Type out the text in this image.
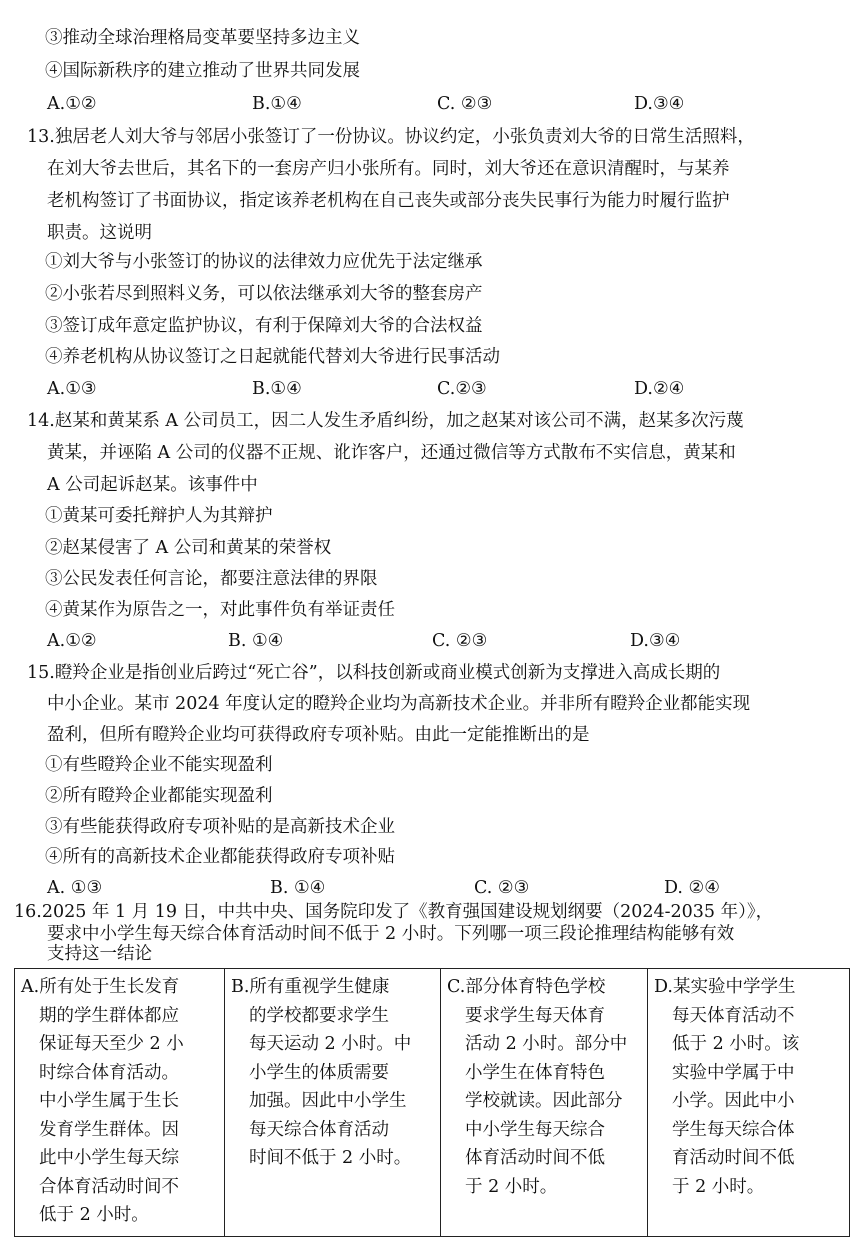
③推动全球治理格局变革要坚持多边主义
④国际新秩序的建立推动了世界共同发展
A.①②	B.①④	C. ②③	D.③④
13.独居老人刘大爷与邻居小张签订了一份协议。协议约定，小张负责刘大爷的日常生活照料，
在刘大爷去世后，其名下的一套房产归小张所有。同时，刘大爷还在意识清醒时，与某养
老机构签订了书面协议，指定该养老机构在自己丧失或部分丧失民事行为能力时履行监护
职责。这说明
①刘大爷与小张签订的协议的法律效力应优先于法定继承
②小张若尽到照料义务，可以依法继承刘大爷的整套房产
③签订成年意定监护协议，有利于保障刘大爷的合法权益
④养老机构从协议签订之日起就能代替刘大爷进行民事活动
A.①③	B.①④	C.②③	D.②④
14.赵某和黄某系 A 公司员工，因二人发生矛盾纠纷，加之赵某对该公司不满，赵某多次污蔑
黄某，并诬陷 A 公司的仪器不正规、讹诈客户，还通过微信等方式散布不实信息，黄某和
A 公司起诉赵某。该事件中
①黄某可委托辩护人为其辩护
②赵某侵害了 A 公司和黄某的荣誉权
③公民发表任何言论，都要注意法律的界限
④黄某作为原告之一，对此事件负有举证责任
A.①②	B. ①④	C. ②③	D.③④
15.瞪羚企业是指创业后跨过“死亡谷”，以科技创新或商业模式创新为支撑进入高成长期的
中小企业。某市 2024 年度认定的瞪羚企业均为高新技术企业。并非所有瞪羚企业都能实现
盈利，但所有瞪羚企业均可获得政府专项补贴。由此一定能推断出的是
①有些瞪羚企业不能实现盈利
②所有瞪羚企业都能实现盈利
③有些能获得政府专项补贴的是高新技术企业
④所有的高新技术企业都能获得政府专项补贴
A. ①③	B. ①④	C. ②③	D. ②④
16.2025 年 1 月 19 日，中共中央、国务院印发了《教育强国建设规划纲要（2024-2035 年）》，
要求中小学生每天综合体育活动时间不低于 2 小时。下列哪一项三段论推理结构能够有效
A.所有处于生长发育
期的学生群体都应
保证每天至少 2 小
时综合体育活动。
中小学生属于生长
发育学生群体。因
此中小学生每天综
合体育活动时间不
低于 2 小时。

B.所有重视学生健康
的学校都要求学生
每天运动 2 小时。中
小学生的体质需要
加强。因此中小学生
每天综合体育活动
时间不低于 2 小时。

C.部分体育特色学校
要求学生每天体育
活动 2 小时。部分中
小学生在体育特色
学校就读。因此部分
中小学生每天综合
体育活动时间不低
于 2 小时。

D.某实验中学学生
每天体育活动不
低于 2 小时。该
实验中学属于中
小学。因此中小
学生每天综合体
育活动时间不低
于 2 小时。
支持这一结论
